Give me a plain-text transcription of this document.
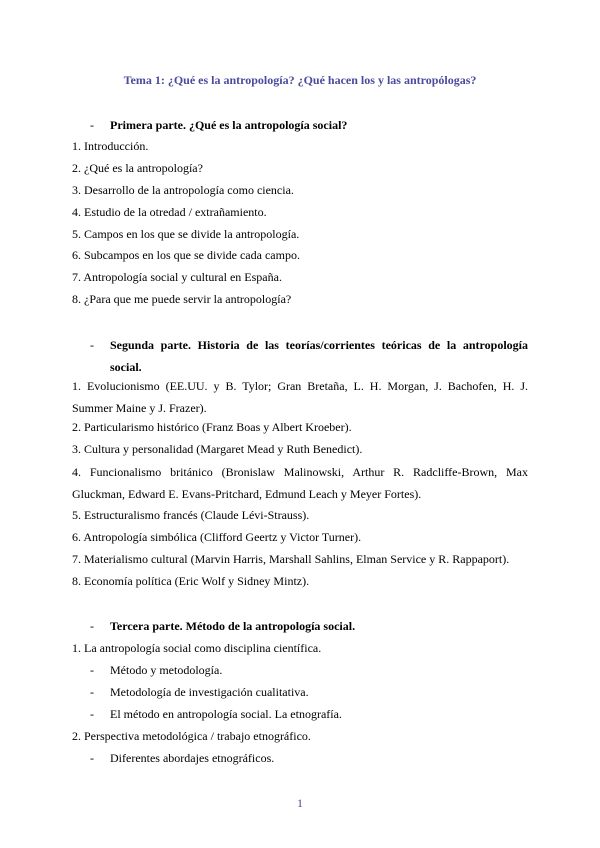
Tema 1: ¿Qué es la antropología? ¿Qué hacen los y las antropólogas?
- Primera parte. ¿Qué es la antropología social?
1. Introducción.
2. ¿Qué es la antropología?
3. Desarrollo de la antropología como ciencia.
4. Estudio de la otredad / extrañamiento.
5. Campos en los que se divide la antropología.
6. Subcampos en los que se divide cada campo.
7. Antropología social y cultural en España.
8. ¿Para que me puede servir la antropología?
-	Segunda parte. Historia de las teorías/corrientes teóricas de la antropología social.
1. Evolucionismo (EE.UU. y B. Tylor; Gran Bretaña, L. H. Morgan, J. Bachofen, H. J. Summer Maine y J. Frazer).
2. Particularismo histórico (Franz Boas y Albert Kroeber).
3. Cultura y personalidad (Margaret Mead y Ruth Benedict).
4. Funcionalismo británico (Bronislaw Malinowski, Arthur R. Radcliffe-Brown, Max Gluckman, Edward E. Evans-Pritchard, Edmund Leach y Meyer Fortes).
5. Estructuralismo francés (Claude Lévi-Strauss).
6. Antropología simbólica (Clifford Geertz y Victor Turner).
7. Materialismo cultural (Marvin Harris, Marshall Sahlins, Elman Service y R. Rappaport).
8. Economía política (Eric Wolf y Sidney Mintz).
- Tercera parte. Método de la antropología social.
1. La antropología social como disciplina científica.
- Método y metodología.
- Metodología de investigación cualitativa.
- El método en antropología social. La etnografía.
2. Perspectiva metodológica / trabajo etnográfico.
- Diferentes abordajes etnográficos.
1
